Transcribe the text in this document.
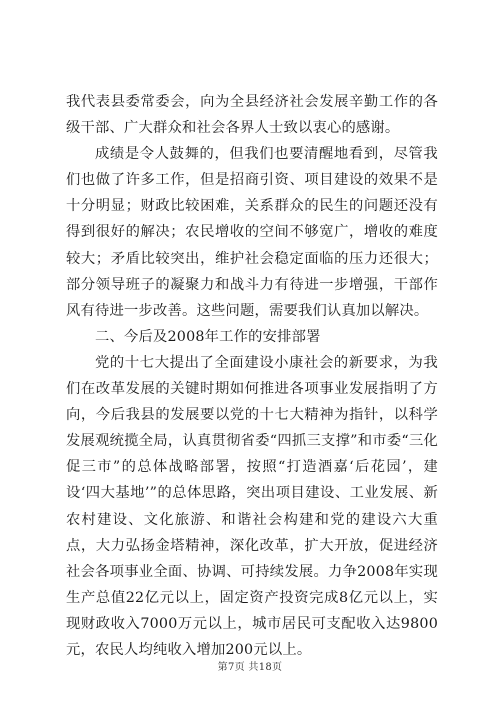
我代表县委常委会，向为全县经济社会发展辛勤工作的各级干部、广大群众和社会各界人士致以衷心的感谢。

成绩是令人鼓舞的，但我们也要清醒地看到，尽管我们也做了许多工作，但是招商引资、项目建设的效果不是十分明显；财政比较困难，关系群众的民生的问题还没有得到很好的解决；农民增收的空间不够宽广，增收的难度较大；矛盾比较突出，维护社会稳定面临的压力还很大；部分领导班子的凝聚力和战斗力有待进一步增强，干部作风有待进一步改善。这些问题，需要我们认真加以解决。

二、今后及2008年工作的安排部署

党的十七大提出了全面建设小康社会的新要求，为我们在改革发展的关键时期如何推进各项事业发展指明了方向，今后我县的发展要以党的十七大精神为指针，以科学发展观统揽全局，认真贯彻省委“四抓三支撑”和市委“三化促三市”的总体战略部署，按照“打造酒嘉‘后花园’，建设‘四大基地’”的总体思路，突出项目建设、工业发展、新农村建设、文化旅游、和谐社会构建和党的建设六大重点，大力弘扬金塔精神，深化改革，扩大开放，促进经济社会各项事业全面、协调、可持续发展。力争2008年实现生产总值22亿元以上，固定资产投资完成8亿元以上，实现财政收入7000万元以上，城市居民可支配收入达9800元，农民人均纯收入增加200元以上。

第7页 共18页
